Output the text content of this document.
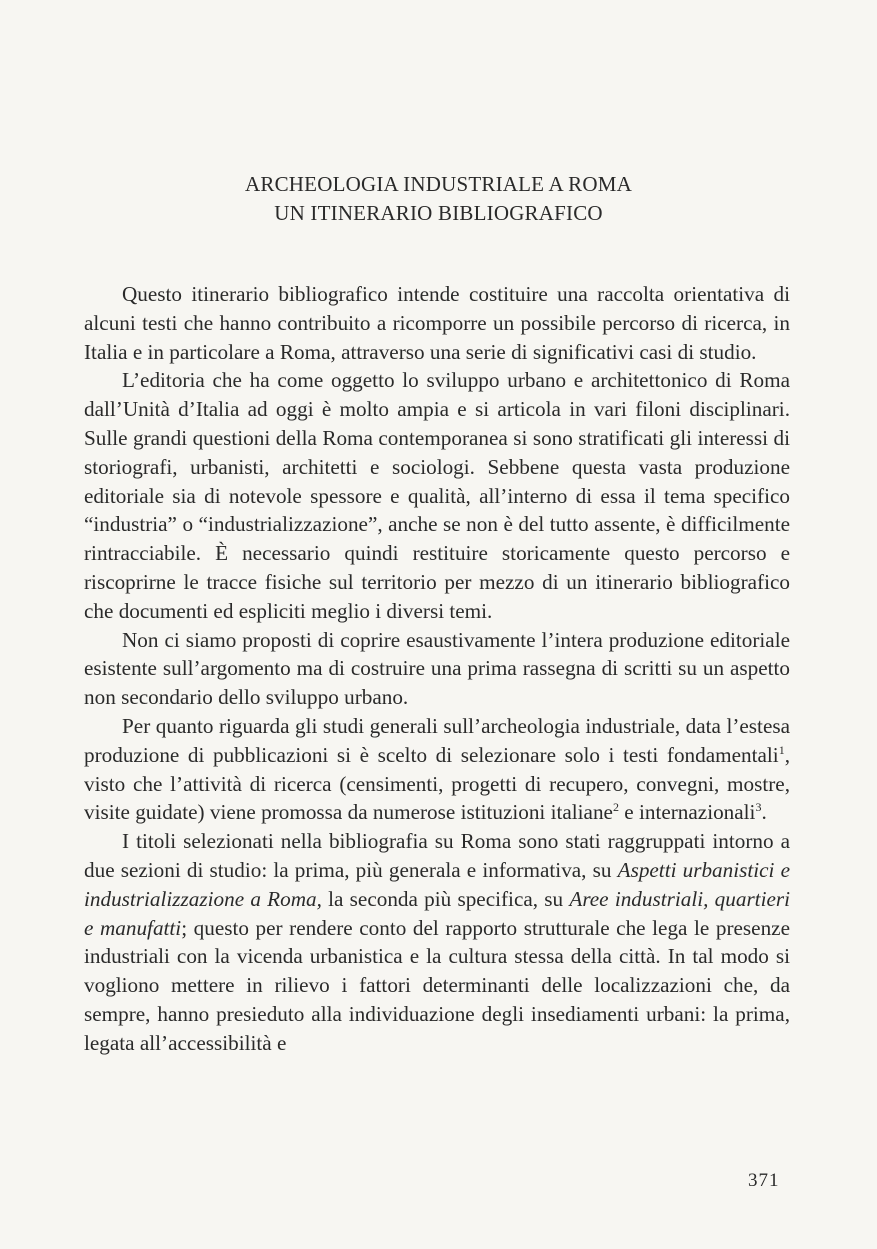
ARCHEOLOGIA INDUSTRIALE A ROMA
UN ITINERARIO BIBLIOGRAFICO

Questo itinerario bibliografico intende costituire una raccolta orientativa di alcuni testi che hanno contribuito a ricomporre un possibile percorso di ricerca, in Italia e in particolare a Roma, attraverso una serie di significativi casi di studio.

L’editoria che ha come oggetto lo sviluppo urbano e architettonico di Roma dall’Unità d’Italia ad oggi è molto ampia e si articola in vari filoni disciplinari. Sulle grandi questioni della Roma contemporanea si sono stratificati gli interessi di storiografi, urbanisti, architetti e sociologi. Sebbene questa vasta produzione editoriale sia di notevole spessore e qualità, all’interno di essa il tema specifico “industria” o “industrializzazione”, anche se non è del tutto assente, è difficilmente rintracciabile. È necessario quindi restituire storicamente questo percorso e riscoprirne le tracce fisiche sul territorio per mezzo di un itinerario bibliografico che documenti ed espliciti meglio i diversi temi.

Non ci siamo proposti di coprire esaustivamente l’intera produzione editoriale esistente sull’argomento ma di costruire una prima rassegna di scritti su un aspetto non secondario dello sviluppo urbano.

Per quanto riguarda gli studi generali sull’archeologia industriale, data l’estesa produzione di pubblicazioni si è scelto di selezionare solo i testi fondamentali$^1$, visto che l’attività di ricerca (censimenti, progetti di recupero, convegni, mostre, visite guidate) viene promossa da numerose istituzioni italiane$^2$ e internazionali$^3$.

I titoli selezionati nella bibliografia su Roma sono stati raggruppati intorno a due sezioni di studio: la prima, più generala e informativa, su Aspetti urbanistici e industrializzazione a Roma, la seconda più specifica, su Aree industriali, quartieri e manufatti; questo per rendere conto del rapporto strutturale che lega le presenze industriali con la vicenda urbanistica e la cultura stessa della città. In tal modo si vogliono mettere in rilievo i fattori determinanti delle localizzazioni che, da sempre, hanno presieduto alla individuazione degli insediamenti urbani: la prima, legata all’accessibilità e

371
